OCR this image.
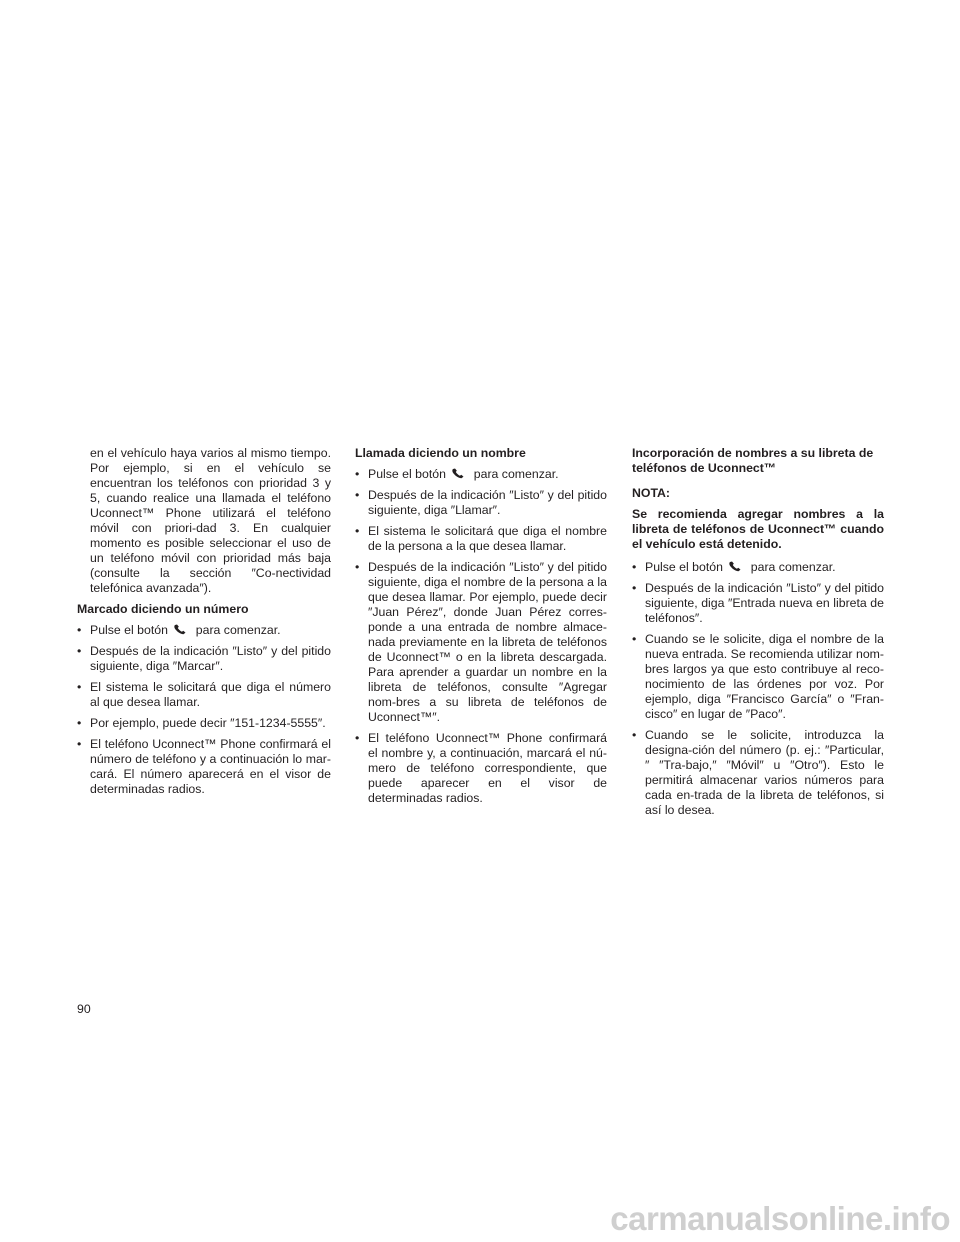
en el vehículo haya varios al mismo tiempo. Por ejemplo, si en el vehículo se encuentran los teléfonos con prioridad 3 y 5, cuando realice una llamada el teléfono Uconnect™ Phone utilizará el teléfono móvil con priori-dad 3. En cualquier momento es posible seleccionar el uso de un teléfono móvil con prioridad más baja (consulte la sección ″Co-nectividad telefónica avanzada″).

Marcado diciendo un número
• Pulse el botón para comenzar.
• Después de la indicación ″Listo″ y del pitido siguiente, diga ″Marcar″.
• El sistema le solicitará que diga el número al que desea llamar.
• Por ejemplo, puede decir ″151-1234-5555″.
• El teléfono Uconnect™ Phone confirmará el número de teléfono y a continuación lo mar-cará. El número aparecerá en el visor de determinadas radios.
Llamada diciendo un nombre
• Pulse el botón para comenzar.
• Después de la indicación ″Listo″ y del pitido siguiente, diga ″Llamar″.
• El sistema le solicitará que diga el nombre de la persona a la que desea llamar.
• Después de la indicación ″Listo″ y del pitido siguiente, diga el nombre de la persona a la que desea llamar. Por ejemplo, puede decir ″Juan Pérez″, donde Juan Pérez corres-ponde a una entrada de nombre almace-nada previamente en la libreta de teléfonos de Uconnect™ o en la libreta descargada. Para aprender a guardar un nombre en la libreta de teléfonos, consulte ″Agregar nom-bres a su libreta de teléfonos de Uconnect™″.
• El teléfono Uconnect™ Phone confirmará el nombre y, a continuación, marcará el nú-mero de teléfono correspondiente, que puede aparecer en el visor de determinadas radios.
Incorporación de nombres a su libreta de teléfonos de Uconnect™

NOTA:

Se recomienda agregar nombres a la libreta de teléfonos de Uconnect™ cuando el vehículo está detenido.

• Pulse el botón para comenzar.
• Después de la indicación ″Listo″ y del pitido siguiente, diga ″Entrada nueva en libreta de teléfonos″.
• Cuando se le solicite, diga el nombre de la nueva entrada. Se recomienda utilizar nom-bres largos ya que esto contribuye al reco-nocimiento de las órdenes por voz. Por ejemplo, diga ″Francisco García″ o ″Fran-cisco″ en lugar de ″Paco″.
• Cuando se le solicite, introduzca la designa-ción del número (p. ej.: ″Particular,″ ″Tra-bajo,″ ″Móvil″ u ″Otro″). Esto le permitirá almacenar varios números para cada en-trada de la libreta de teléfonos, si así lo desea.
90
carmanualsonline.info
